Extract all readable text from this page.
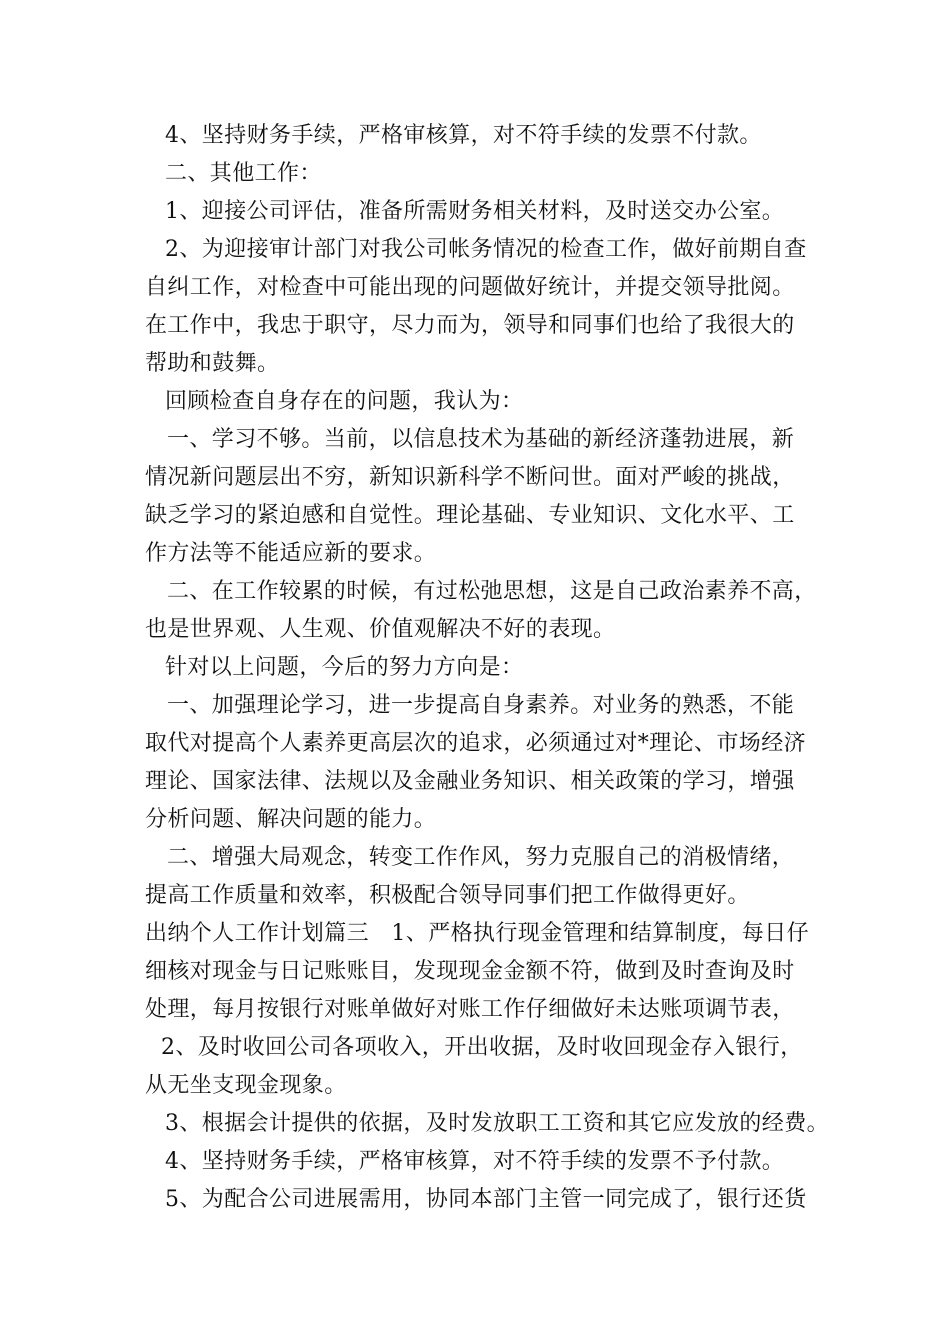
4、坚持财务手续，严格审核算，对不符手续的发票不付款。
二、其他工作：
1、迎接公司评估，准备所需财务相关材料，及时送交办公室。
2、为迎接审计部门对我公司帐务情况的检查工作，做好前期自查
自纠工作，对检查中可能出现的问题做好统计，并提交领导批阅。
在工作中，我忠于职守，尽力而为，领导和同事们也给了我很大的
帮助和鼓舞。
回顾检查自身存在的问题，我认为：
一、学习不够。当前，以信息技术为基础的新经济蓬勃进展，新
情况新问题层出不穷，新知识新科学不断问世。面对严峻的挑战，
缺乏学习的紧迫感和自觉性。理论基础、专业知识、文化水平、工
作方法等不能适应新的要求。
二、在工作较累的时候，有过松弛思想，这是自己政治素养不高，
也是世界观、人生观、价值观解决不好的表现。
针对以上问题，今后的努力方向是：
一、加强理论学习，进一步提高自身素养。对业务的熟悉，不能
取代对提高个人素养更高层次的追求，必须通过对*理论、市场经济
理论、国家法律、法规以及金融业务知识、相关政策的学习，增强
分析问题、解决问题的能力。
二、增强大局观念，转变工作作风，努力克服自己的消极情绪，
提高工作质量和效率，积极配合领导同事们把工作做得更好。
出纳个人工作计划篇三　1、严格执行现金管理和结算制度，每日仔
细核对现金与日记账账目，发现现金金额不符，做到及时查询及时
处理，每月按银行对账单做好对账工作仔细做好未达账项调节表，
2、及时收回公司各项收入，开出收据，及时收回现金存入银行，
从无坐支现金现象。
3、根据会计提供的依据，及时发放职工工资和其它应发放的经费。
4、坚持财务手续，严格审核算，对不符手续的发票不予付款。
5、为配合公司进展需用，协同本部门主管一同完成了，银行还货
